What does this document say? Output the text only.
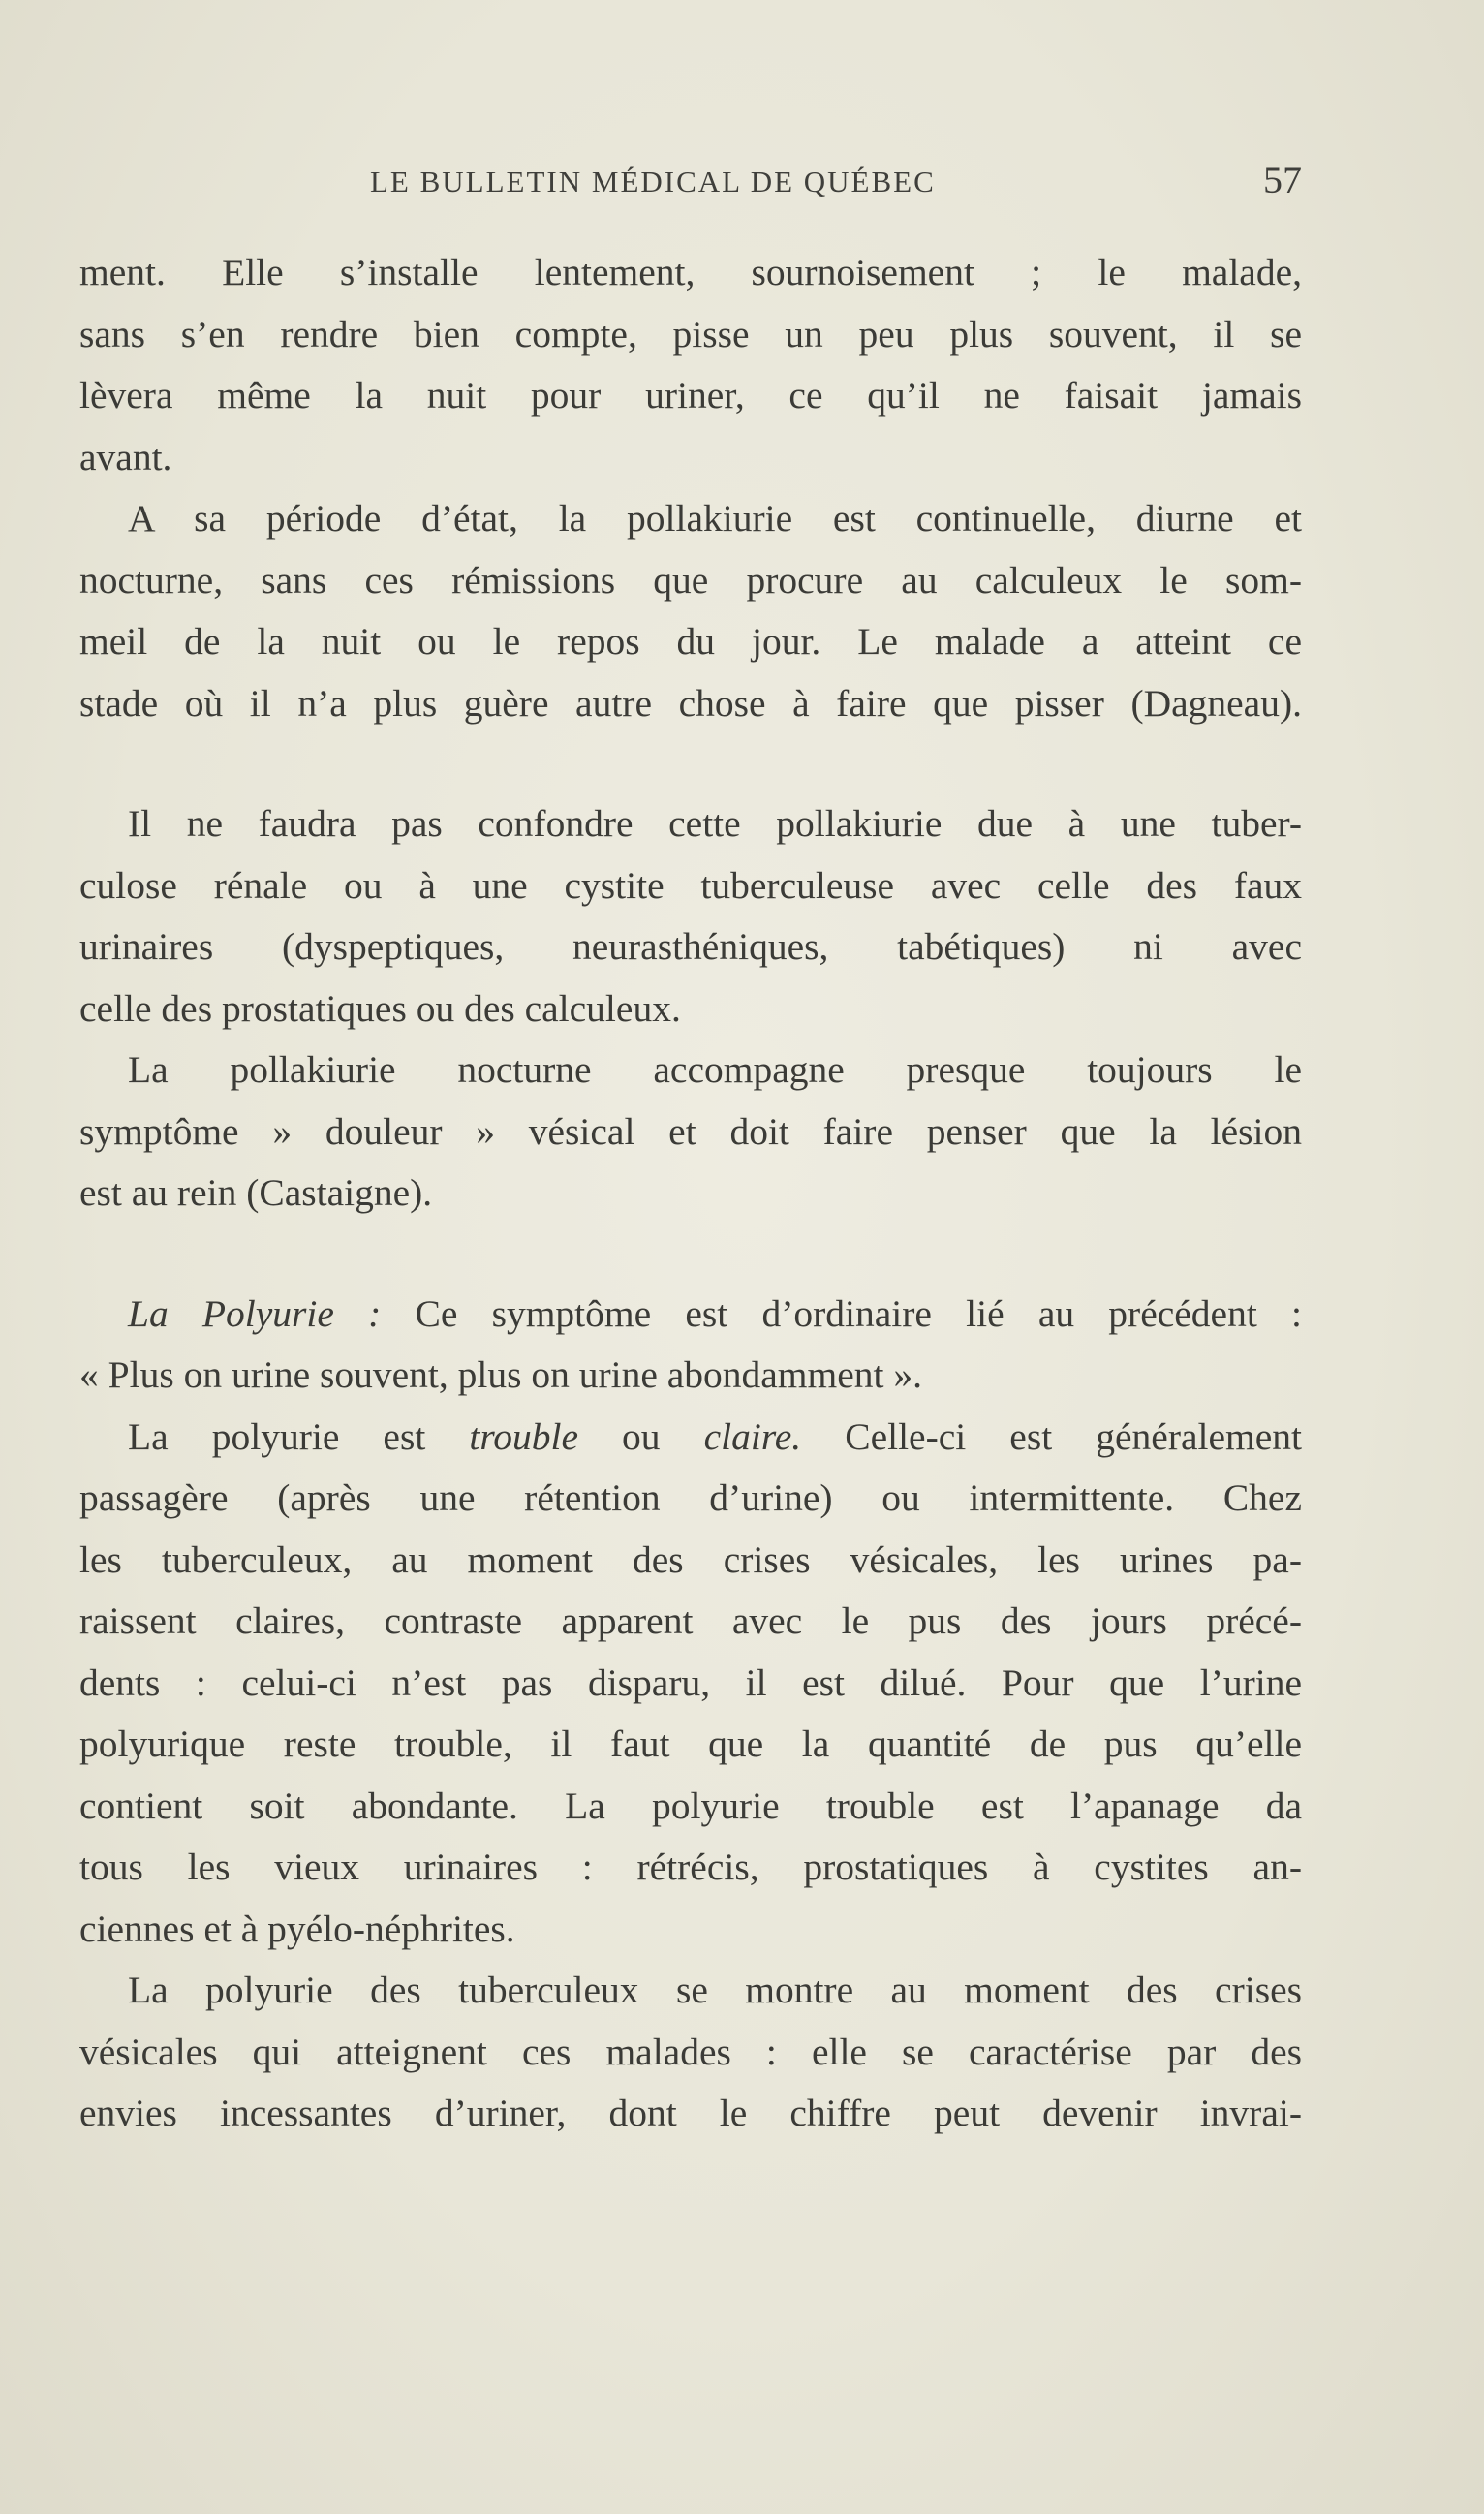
LE BULLETIN MÉDICAL DE QUÉBEC	57
ment. Elle s’installe lentement, sournoisement ; le malade,
sans s’en rendre bien compte, pisse un peu plus souvent, il se
lèvera même la nuit pour uriner, ce qu’il ne faisait jamais
avant.
A sa période d’état, la pollakiurie est continuelle, diurne et
nocturne, sans ces rémissions que procure au calculeux le som-
meil de la nuit ou le repos du jour. Le malade a atteint ce
stade où il n’a plus guère autre chose à faire que pisser (Dagneau).
Il ne faudra pas confondre cette pollakiurie due à une tuber-
culose rénale ou à une cystite tuberculeuse avec celle des faux
urinaires (dyspeptiques, neurasthéniques, tabétiques) ni avec
celle des prostatiques ou des calculeux.
La pollakiurie nocturne accompagne presque toujours le
symptôme » douleur » vésical et doit faire penser que la lésion
est au rein (Castaigne).
La Polyurie : Ce symptôme est d’ordinaire lié au précédent :
« Plus on urine souvent, plus on urine abondamment ».
La polyurie est trouble ou claire. Celle-ci est généralement
passagère (après une rétention d’urine) ou intermittente. Chez
les tuberculeux, au moment des crises vésicales, les urines pa-
raissent claires, contraste apparent avec le pus des jours précé-
dents : celui-ci n’est pas disparu, il est dilué. Pour que l’urine
polyurique reste trouble, il faut que la quantité de pus qu’elle
contient soit abondante. La polyurie trouble est l’apanage da
tous les vieux urinaires : rétrécis, prostatiques à cystites an-
ciennes et à pyélo-néphrites.
La polyurie des tuberculeux se montre au moment des crises
vésicales qui atteignent ces malades : elle se caractérise par des
envies incessantes d’uriner, dont le chiffre peut devenir invrai-
